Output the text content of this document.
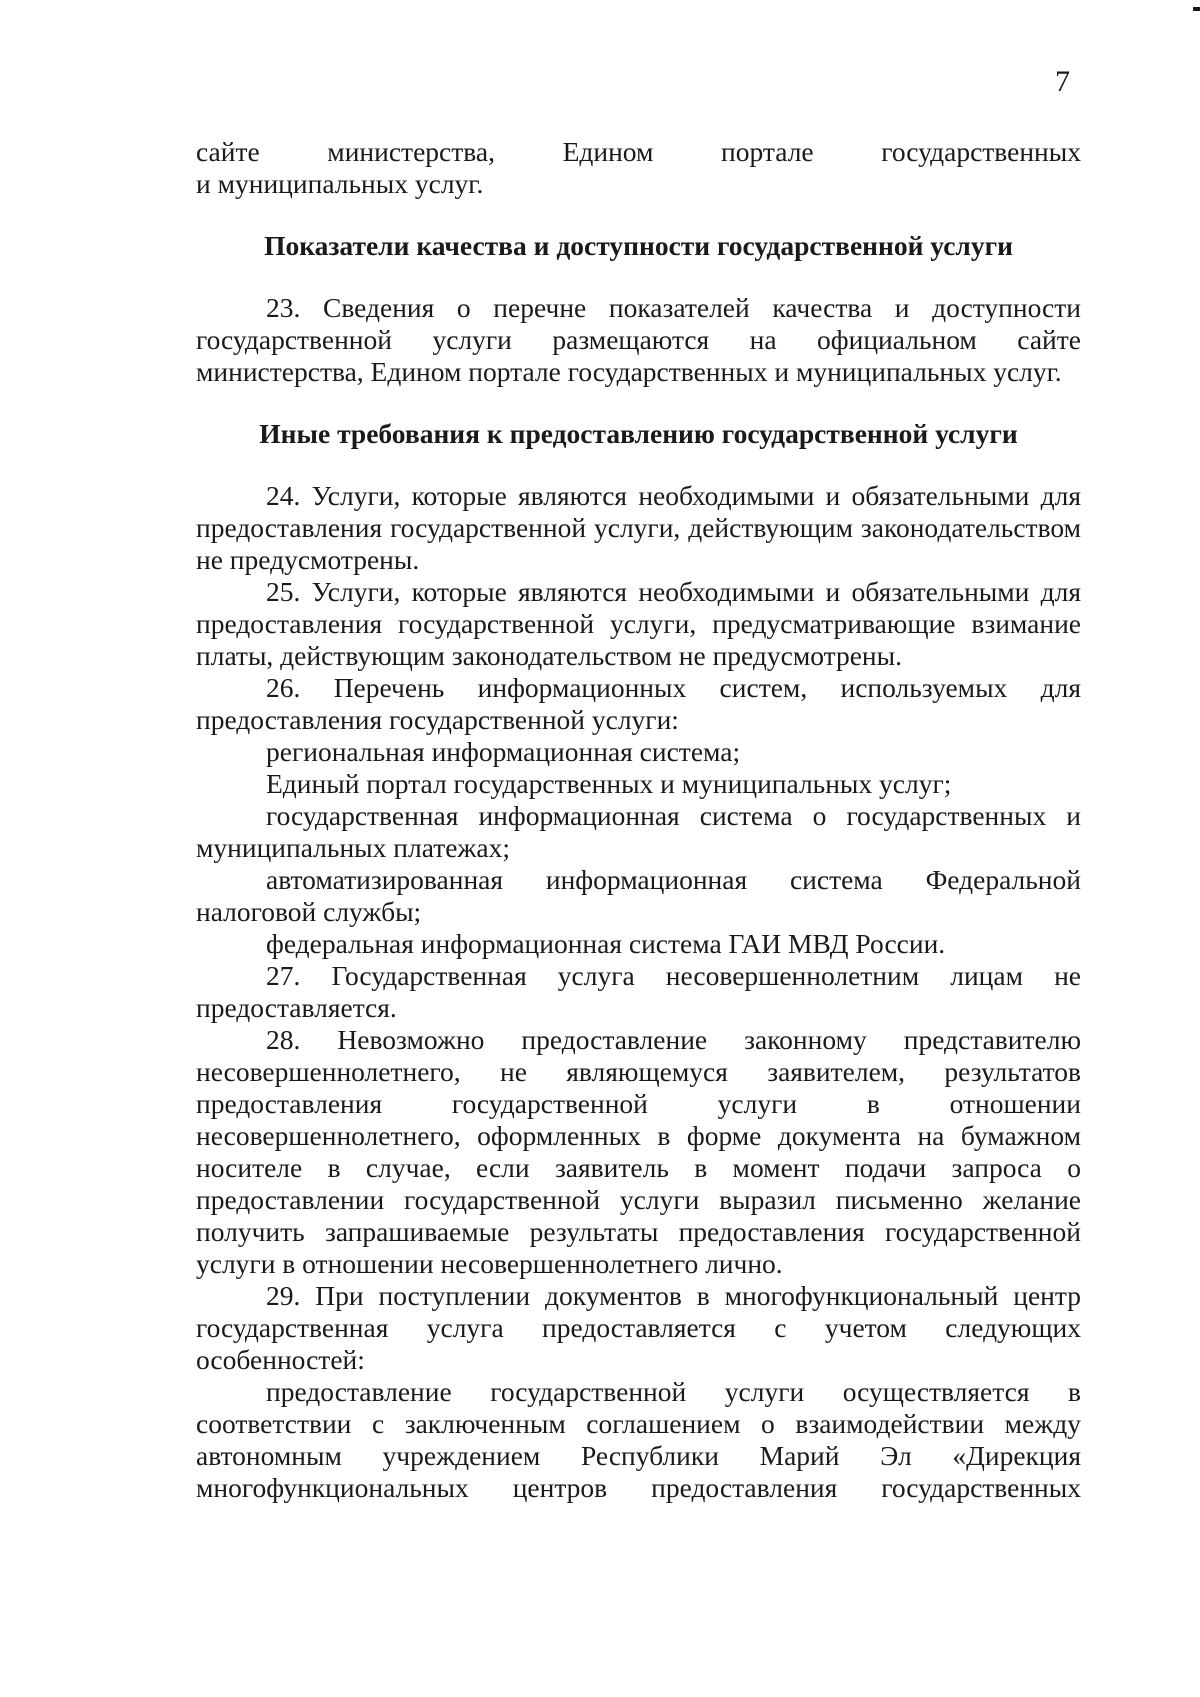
7

сайте министерства, Едином портале государственных

и муниципальных услуг.

Показатели качества и доступности государственной услуги

23. Сведения о перечне показателей качества и доступности государственной услуги размещаются на официальном сайте министерства, Едином портале государственных и муниципальных услуг.

Иные требования к предоставлению государственной услуги

24. Услуги, которые являются необходимыми и обязательными для предоставления государственной услуги, действующим законодательством не предусмотрены.

25. Услуги, которые являются необходимыми и обязательными для предоставления государственной услуги, предусматривающие взимание платы, действующим законодательством не предусмотрены.

26. Перечень информационных систем, используемых для предоставления государственной услуги:

региональная информационная система;

Единый портал государственных и муниципальных услуг;

государственная информационная система о государственных и муниципальных платежах;

автоматизированная информационная система Федеральной налоговой службы;

федеральная информационная система ГАИ МВД России.

27. Государственная услуга несовершеннолетним лицам не предоставляется.

28. Невозможно предоставление законному представителю несовершеннолетнего, не являющемуся заявителем, результатов предоставления государственной услуги в отношении несовершеннолетнего, оформленных в форме документа на бумажном носителе в случае, если заявитель в момент подачи запроса о предоставлении государственной услуги выразил письменно желание получить запрашиваемые результаты предоставления государственной услуги в отношении несовершеннолетнего лично.

29. При поступлении документов в многофункциональный центр государственная услуга предоставляется с учетом следующих особенностей:

предоставление государственной услуги осуществляется в соответствии с заключенным соглашением о взаимодействии между автономным учреждением Республики Марий Эл «Дирекция многофункциональных центров предоставления государственных
